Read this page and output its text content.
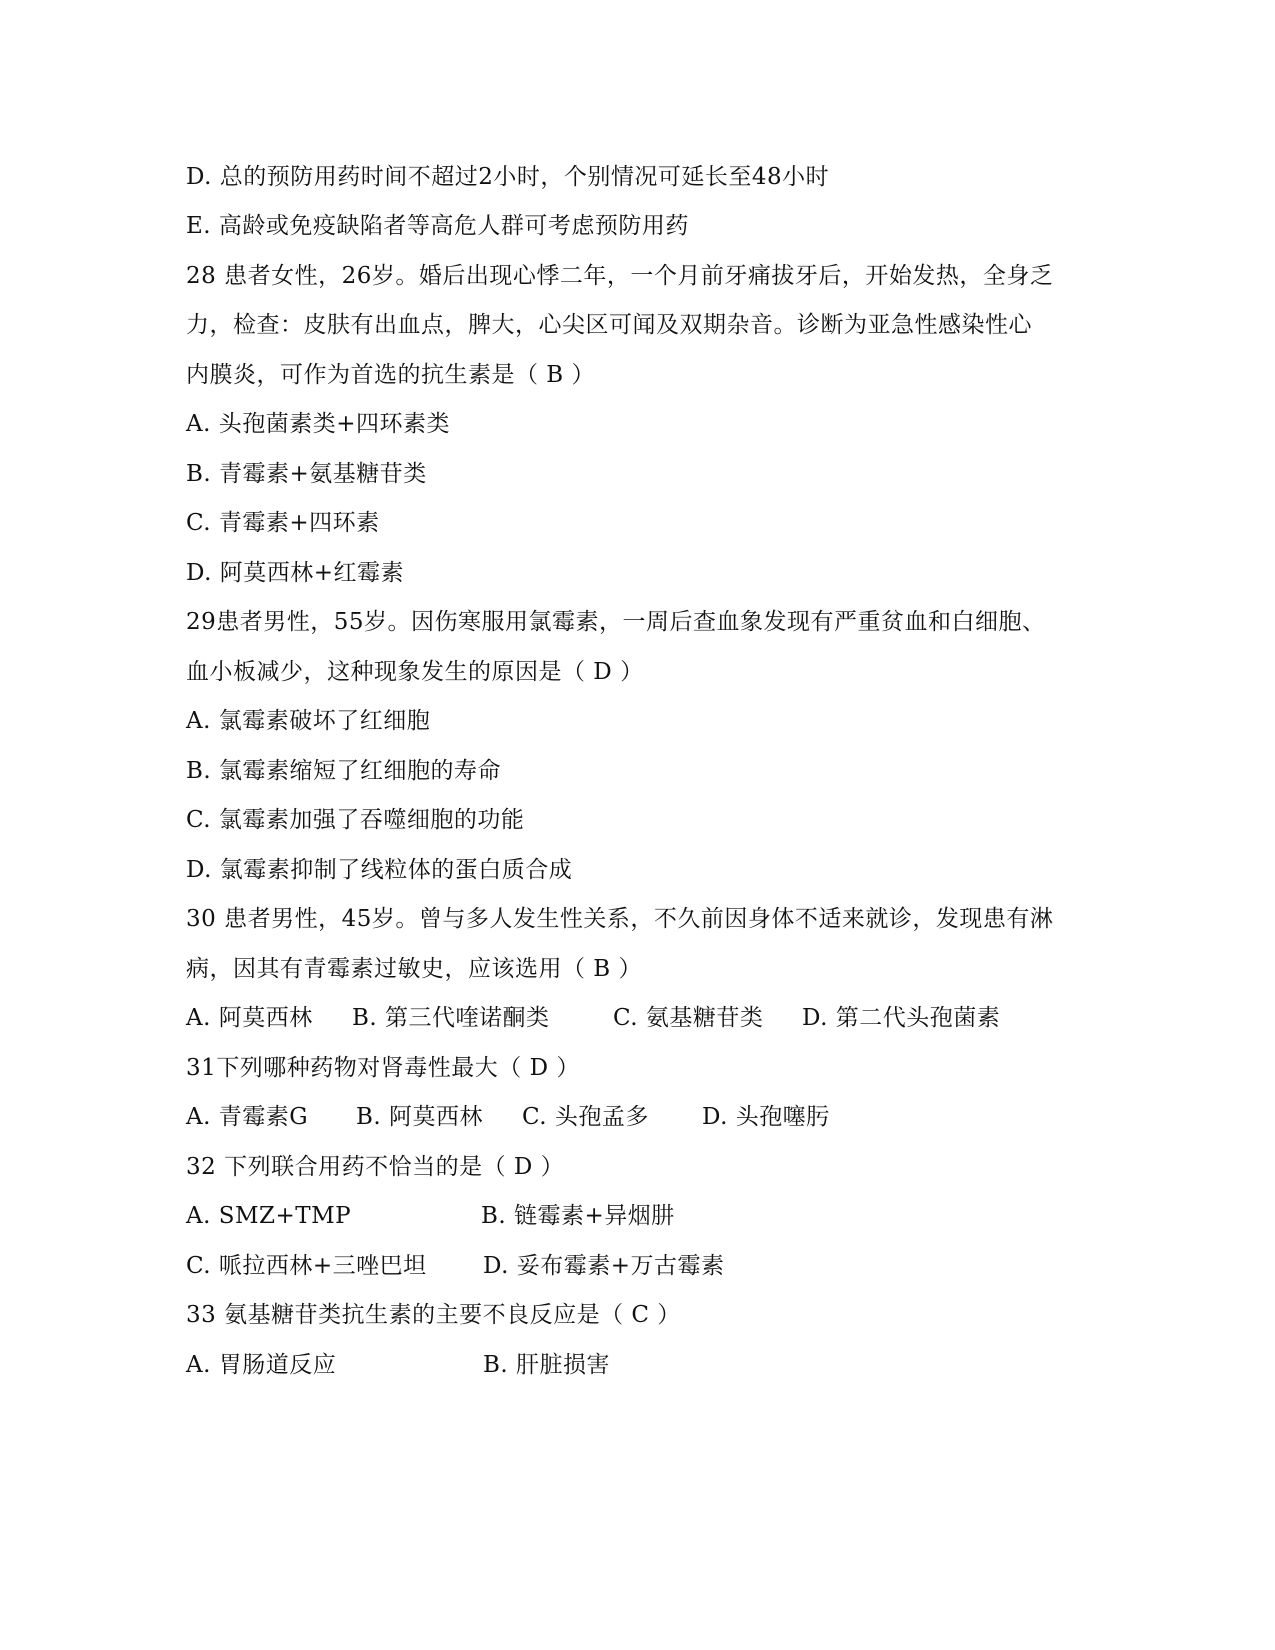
D. 总的预防用药时间不超过2小时，个别情况可延长至48小时
E. 高龄或免疫缺陷者等高危人群可考虑预防用药
28 患者女性，26岁。婚后出现心悸二年，一个月前牙痛拔牙后，开始发热，全身乏
力，检查：皮肤有出血点，脾大，心尖区可闻及双期杂音。诊断为亚急性感染性心
内膜炎，可作为首选的抗生素是（ B ）
A. 头孢菌素类+四环素类
B. 青霉素+氨基糖苷类
C. 青霉素+四环素
D. 阿莫西林+红霉素
29患者男性，55岁。因伤寒服用氯霉素，一周后查血象发现有严重贫血和白细胞、
血小板减少，这种现象发生的原因是（ D ）
A. 氯霉素破坏了红细胞
B. 氯霉素缩短了红细胞的寿命
C. 氯霉素加强了吞噬细胞的功能
D. 氯霉素抑制了线粒体的蛋白质合成
30 患者男性，45岁。曾与多人发生性关系，不久前因身体不适来就诊，发现患有淋
病，因其有青霉素过敏史，应该选用（ B ）
A. 阿莫西林 B. 第三代喹诺酮类	C. 氨基糖苷类 D. 第二代头孢菌素
31下列哪种药物对肾毒性最大（ D ）
A. 青霉素G B. 阿莫西林 C. 头孢孟多 D. 头孢噻肟
32 下列联合用药不恰当的是（ D ）
A. SMZ+TMP	B. 链霉素+异烟肼
C. 哌拉西林+三唑巴坦 D. 妥布霉素+万古霉素
33 氨基糖苷类抗生素的主要不良反应是（ C ）
A. 胃肠道反应	B. 肝脏损害
